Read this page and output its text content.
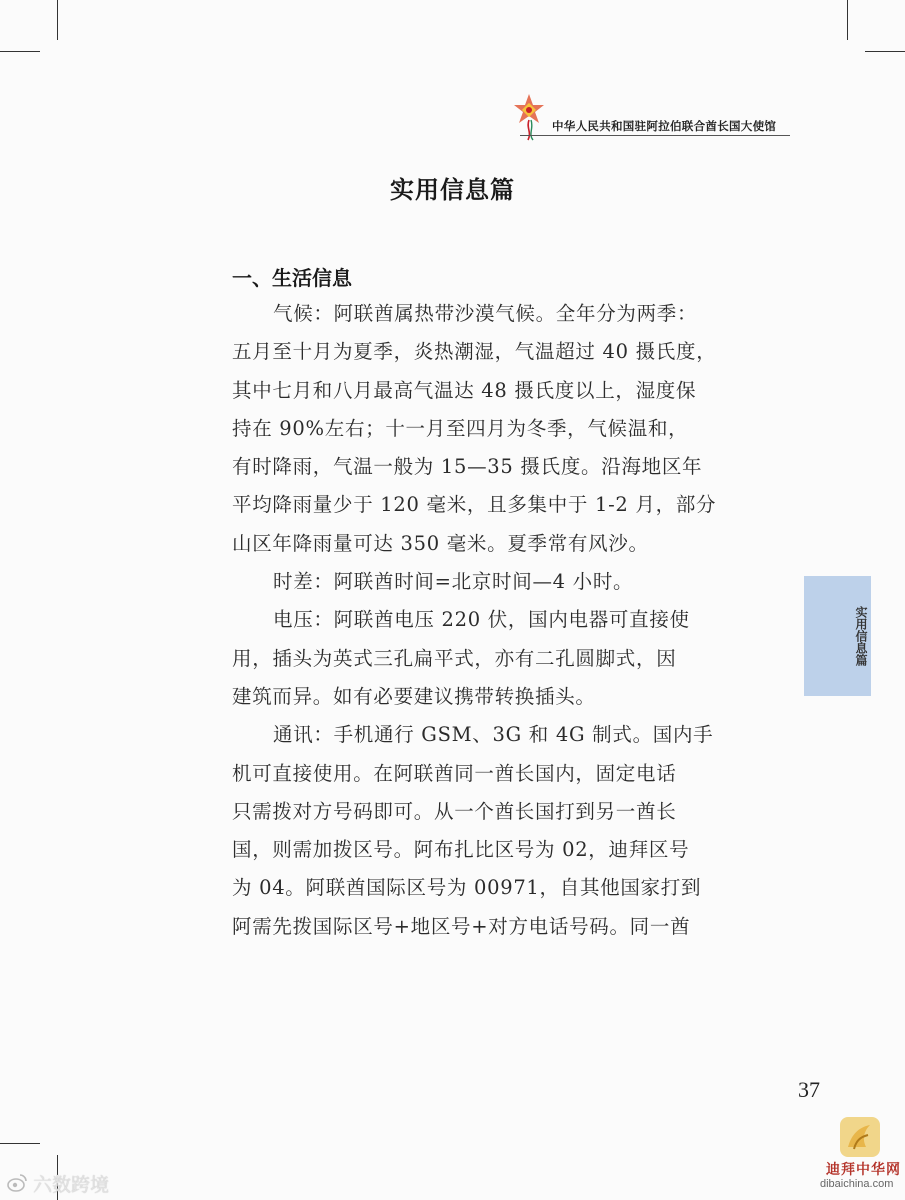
中华人民共和国驻阿拉伯联合酋长国大使馆
实用信息篇
一、生活信息
气候：阿联酋属热带沙漠气候。全年分为两季：
五月至十月为夏季，炎热潮湿，气温超过 40 摄氏度，
其中七月和八月最高气温达 48 摄氏度以上，湿度保
持在 90%左右；十一月至四月为冬季，气候温和，
有时降雨，气温一般为 15—35 摄氏度。沿海地区年
平均降雨量少于 120 毫米，且多集中于 1-2 月，部分
山区年降雨量可达 350 毫米。夏季常有风沙。
时差：阿联酋时间=北京时间—4 小时。
电压：阿联酋电压 220 伏，国内电器可直接使
用，插头为英式三孔扁平式，亦有二孔圆脚式，因
建筑而异。如有必要建议携带转换插头。
通讯：手机通行 GSM、3G 和 4G 制式。国内手
机可直接使用。在阿联酋同一酋长国内，固定电话
只需拨对方号码即可。从一个酋长国打到另一酋长
国，则需加拨区号。阿布扎比区号为 02，迪拜区号
为 04。阿联酋国际区号为 00971，自其他国家打到
阿需先拨国际区号+地区号+对方电话号码。同一酋
实用信息篇
37
六数跨境
迪拜中华网
dibaichina.com
